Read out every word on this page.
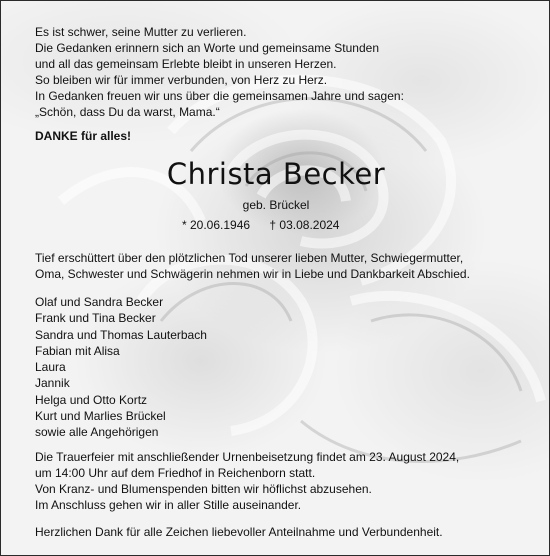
Es ist schwer, seine Mutter zu verlieren.
Die Gedanken erinnern sich an Worte und gemeinsame Stunden
und all das gemeinsam Erlebte bleibt in unseren Herzen.
So bleiben wir für immer verbunden, von Herz zu Herz.
In Gedanken freuen wir uns über die gemeinsamen Jahre und sagen:
„Schön, dass Du da warst, Mama.“
DANKE für alles!
Christa Becker
geb. Brückel
* 20.06.1946 † 03.08.2024
Tief erschüttert über den plötzlichen Tod unserer lieben Mutter, Schwiegermutter,
Oma, Schwester und Schwägerin nehmen wir in Liebe und Dankbarkeit Abschied.
Olaf und Sandra Becker
Frank und Tina Becker
Sandra und Thomas Lauterbach
Fabian mit Alisa
Laura
Jannik
Helga und Otto Kortz
Kurt und Marlies Brückel
sowie alle Angehörigen
Die Trauerfeier mit anschließender Urnenbeisetzung findet am 23. August 2024,
um 14:00 Uhr auf dem Friedhof in Reichenborn statt.
Von Kranz- und Blumenspenden bitten wir höflichst abzusehen.
Im Anschluss gehen wir in aller Stille auseinander.
Herzlichen Dank für alle Zeichen liebevoller Anteilnahme und Verbundenheit.
